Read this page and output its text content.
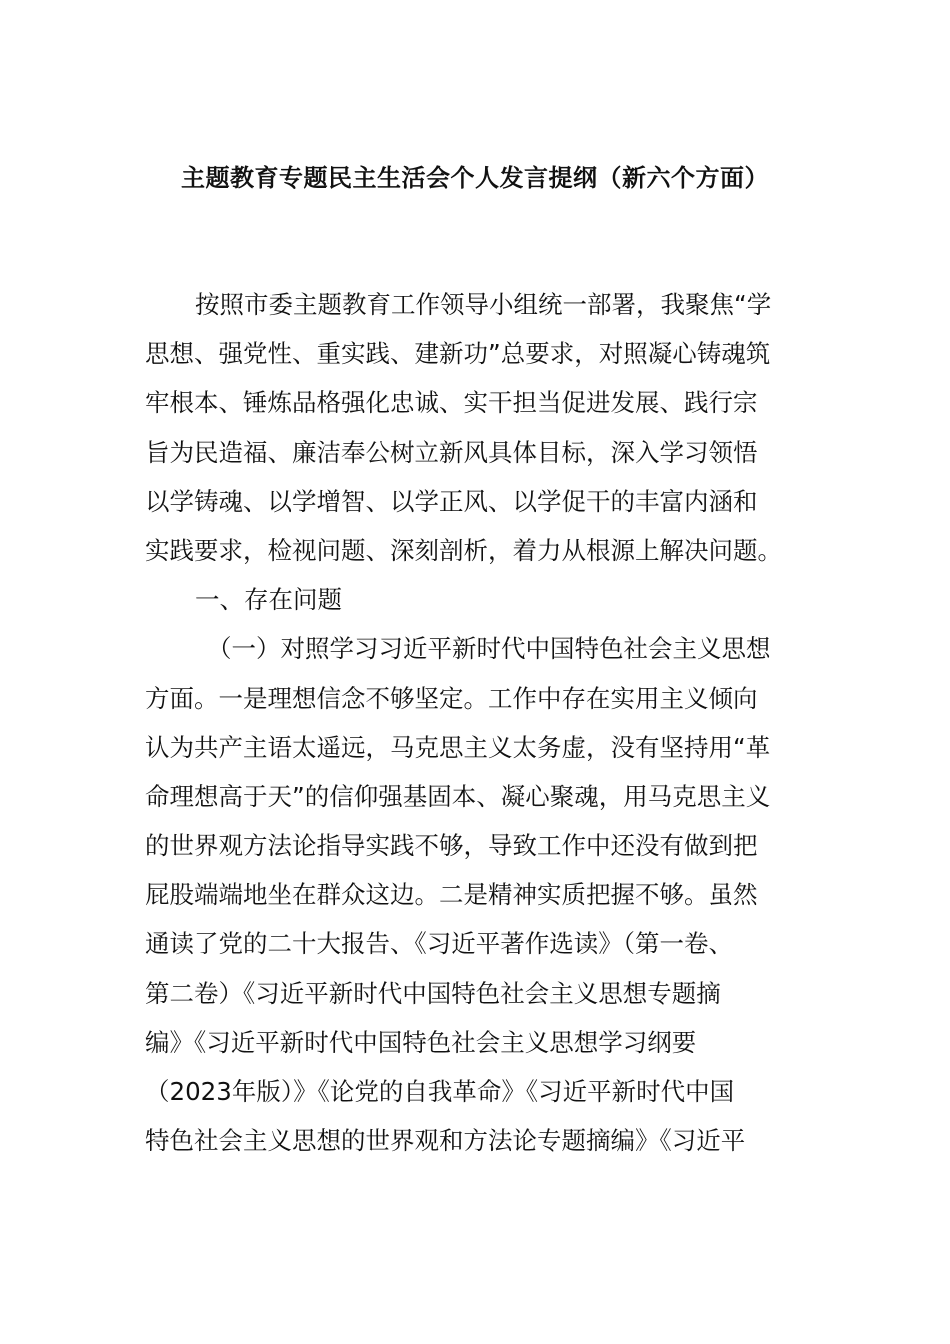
主题教育专题民主生活会个人发言提纲（新六个方面）
按照市委主题教育工作领导小组统一部署，我聚焦“学
思想、强党性、重实践、建新功”总要求，对照凝心铸魂筑
牢根本、锤炼品格强化忠诚、实干担当促进发展、践行宗
旨为民造福、廉洁奉公树立新风具体目标，深入学习领悟
以学铸魂、以学增智、以学正风、以学促干的丰富内涵和
实践要求，检视问题、深刻剖析，着力从根源上解决问题。
一、存在问题
（一）对照学习习近平新时代中国特色社会主义思想
方面。一是理想信念不够坚定。工作中存在实用主义倾向
认为共产主语太遥远，马克思主义太务虚，没有坚持用“革
命理想高于天”的信仰强基固本、凝心聚魂，用马克思主义
的世界观方法论指导实践不够，导致工作中还没有做到把
屁股端端地坐在群众这边。二是精神实质把握不够。虽然
通读了党的二十大报告、《习近平著作选读》（第一卷、
第二卷）《习近平新时代中国特色社会主义思想专题摘
编》《习近平新时代中国特色社会主义思想学习纲要
（2023年版）》《论党的自我革命》《习近平新时代中国
特色社会主义思想的世界观和方法论专题摘编》《习近平
